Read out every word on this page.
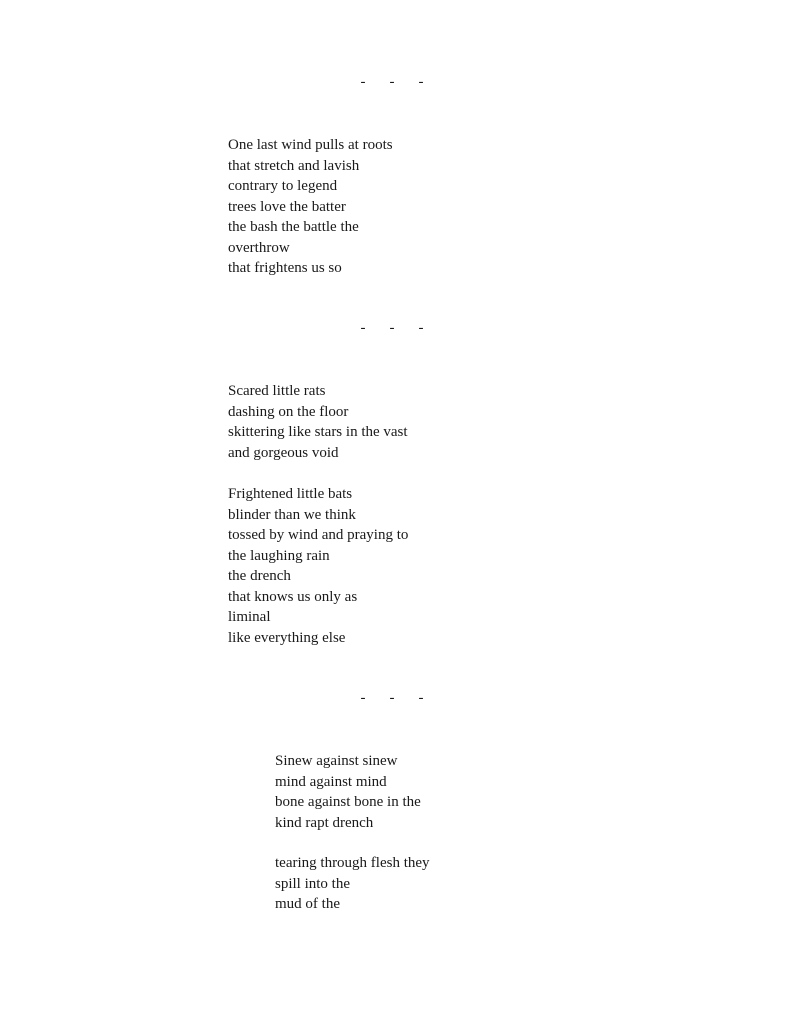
- - -
One last wind pulls at roots
that stretch and lavish
contrary to legend
trees love the batter
the bash the battle the
overthrow
that frightens us so
- - -
Scared little rats
dashing on the floor
skittering like stars in the vast
and gorgeous void
Frightened little bats
blinder than we think
tossed by wind and praying to
the laughing rain
the drench
that knows us only as
liminal
like everything else
- - -
Sinew against sinew
mind against mind
bone against bone in the
kind rapt drench
tearing through flesh they
spill into the
mud of the
